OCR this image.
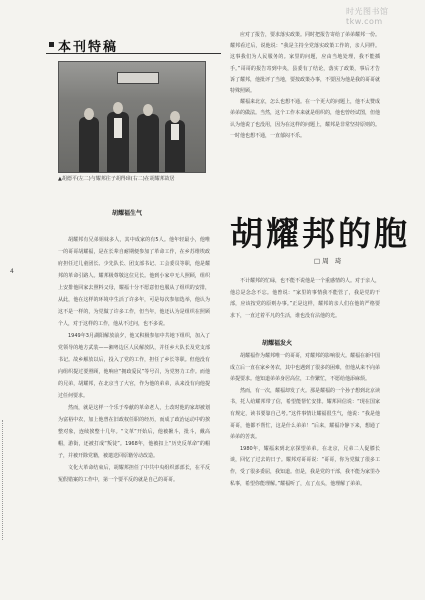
时光图书馆 tkw.com
本刊特稿
▲胡德平(左二)与耀邦往子胡得璋(右二)在胡耀邦故居
胡耀福生气

胡耀邦有兄弟姐妹多人，其中成家的有5人。他年轻最小，他唯一的哥哥胡耀福，是在长辈自耐期便参加了革命工作，在乡苏维埃政府担任过儿童团长、少先队长、团支部书记、工会委员等职，他是耀邦的革命引路人。耀邦极尊敬这位兄长。他到小家中无人照顾，组织上安排他回家去照料父母，耀福十分不愿意但也服从了组织的安排，从此，他在这样的环境中生活了许多年，可是每次参加选举，他认为这不是一样的，为党做了许多工作，但当年，他还认为是组织在照顾个人，对于这样的工作，他从不过问，也不多说。

1949年3月湖阳解放前夕，他又积极参加中共地下组织，加入了党领导的地方武装——湘粤边区人民解放队，并任乡大队长及党支部书记。故乡解放以后，投入了党的工作，担任了乡长等职。但他没有向组织提过要照顾，他响应“拥政爱民”等号召，为党努力工作。而他的兄弟，胡耀邦，在北京当了大官，作为他的弟弟，从来没有向他提过任何要求。

然而，就是这样一个乐于奉献的革命老人，土改时他的家却被划为富裕中农，加上他曾在旧政权任职的经历，而成了政治运动中的挨整对象，连续挨整十几年。“文革”开始后，他被揪斗，批斗，戴高帽，游街，还被打成“叛徒”。1968年，他被扣上“历史反革命”的帽子，并被开除党籍，被遣送回原籍劳动改造。

文化大革命结束后，胡耀邦担任了中共中央组织部部长，在平反冤假错案的工作中，第一个要平反的就是自己的哥哥。

应对了报告，要求落实政策。同时把报告寄给了弟弟耀邦一份。耀邦看过后，说他说：“我是主持全党落实政策工作的，亲人同样。这事我们为人民服务的。家里的问题，应由当地处理，我不能插手。”哥哥的报告寄到中央，县委有了结论，落实了政策，事后才告诉了耀邦，他批评了当地，要按政策办事，不要因为他是我的哥哥就特殊照顾。

耀福来北京，怎么也想不通。在一个更大的问题上，他不太赞成弟弟的做法。当然，这个工作本来就是组织的，他也曾经试图，但他认为他说了也没用，因为在这样的问题上，耀邦是非常坚持原则的。一时他也想不通，一直郁闷不乐。

胡耀邦的胞
□周 琦

不计耀邦的忙碌，也不能不说他是一个重感情的人。对于亲人，他总是念念不忘。他曾说：“家里的事情我不能管了，我是党的干部，应该按党的原则办事。”正是这样，耀邦的亲人们在他的严格要求下，一直过着平凡的生活，谁也没有沾他的光。

胡耀福发火

胡耀福作为耀邦唯一的哥哥，对耀邦的影响很大。耀福在新中国成立后一直在家乡务农，其中也遇到了很多的困难，但他从来不向弟弟提要求。他知道弟弟身居高位，工作繁忙，不愿给他添麻烦。

然而，有一次，耀福却发了火。那是耀福的一个孙子想到北京读书，托人给耀邦带了信，希望能帮忙安排。耀邦回信说：“现在国家有规定，读书要靠自己考。”这件事情让耀福很生气，他说：“我是他哥哥，他都不帮忙，这是什么弟弟！”后来，耀福冷静下来，想通了弟弟的苦衷。

1980年，耀福来到北京探望弟弟。在北京，兄弟二人促膝长谈，回忆了过去的日子。耀邦对哥哥说：“哥哥，你为党做了很多工作，受了很多委屈，我知道。但是，我是党的干部，我不能为家里办私事，希望你能理解。”耀福听了，点了点头，他理解了弟弟。

4
